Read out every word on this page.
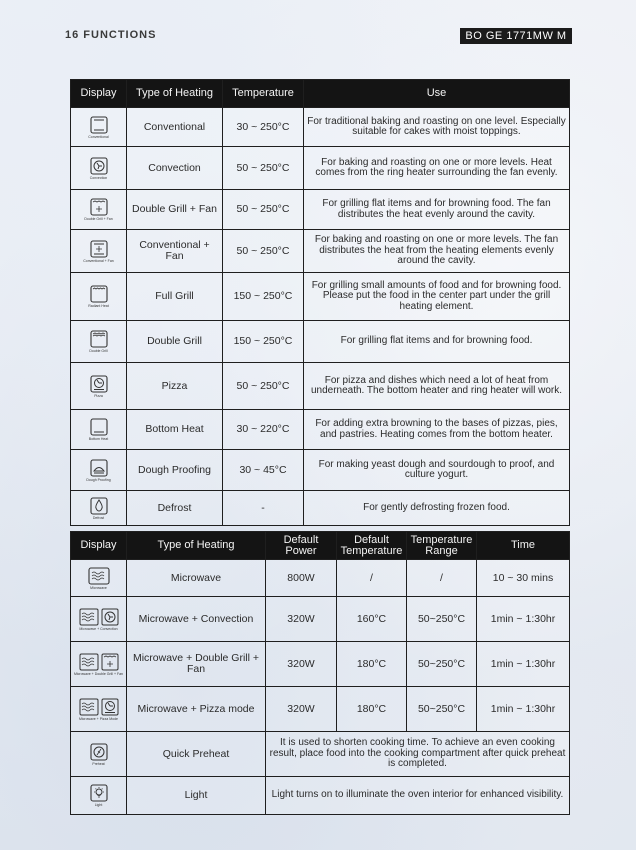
16 FUNCTIONS	BO GE 1771MW M
Display	Type of Heating	Temperature	Use

Conventional	Conventional	30 ~ 250°C	For traditional baking and roasting on one level. Especially suitable for cakes with moist toppings.

Convection	Convection	50 ~ 250°C	For baking and roasting on one or more levels. Heat comes from the ring heater surrounding the fan evenly.

Double Grill + Fan	Double Grill + Fan	50 ~ 250°C	For grilling flat items and for browning food. The fan distributes the heat evenly around the cavity.

Conventional + Fan	Conventional + Fan	50 ~ 250°C	For baking and roasting on one or more levels. The fan distributes the heat from the heating elements evenly around the cavity.

Radiant Heat	Full Grill	150 ~ 250°C	For grilling small amounts of food and for browning food. Please put the food in the center part under the grill heating element.

Double Grill	Double Grill	150 ~ 250°C	For grilling flat items and for browning food.

Pizza	Pizza	50 ~ 250°C	For pizza and dishes which need a lot of heat from underneath. The bottom heater and ring heater will work.

Bottom Heat	Bottom Heat	30 ~ 220°C	For adding extra browning to the bases of pizzas, pies, and pastries. Heating comes from the bottom heater.

Dough Proofing	Dough Proofing	30 ~ 45°C	For making yeast dough and sourdough to proof, and culture yogurt.

Defrost	Defrost	-	For gently defrosting frozen food.
Display	Type of Heating	Default Power	Default Temperature	Temperature Range	Time

Microwave	Microwave	800W	/	/	10 ~ 30 mins

Microwave + Convection	Microwave + Convection	320W	160°C	50~250°C	1min ~ 1:30hr

Microwave + Double Grill + Fan	Microwave + Double Grill + Fan	320W	180°C	50~250°C	1min ~ 1:30hr

Microwave + Pizza Mode	Microwave + Pizza mode	320W	180°C	50~250°C	1min ~ 1:30hr

Preheat	Quick Preheat	It is used to shorten cooking time. To achieve an even cooking result, place food into the cooking compartment after quick preheat is completed.			

Light	Light	Light turns on to illuminate the oven interior for enhanced visibility.			
